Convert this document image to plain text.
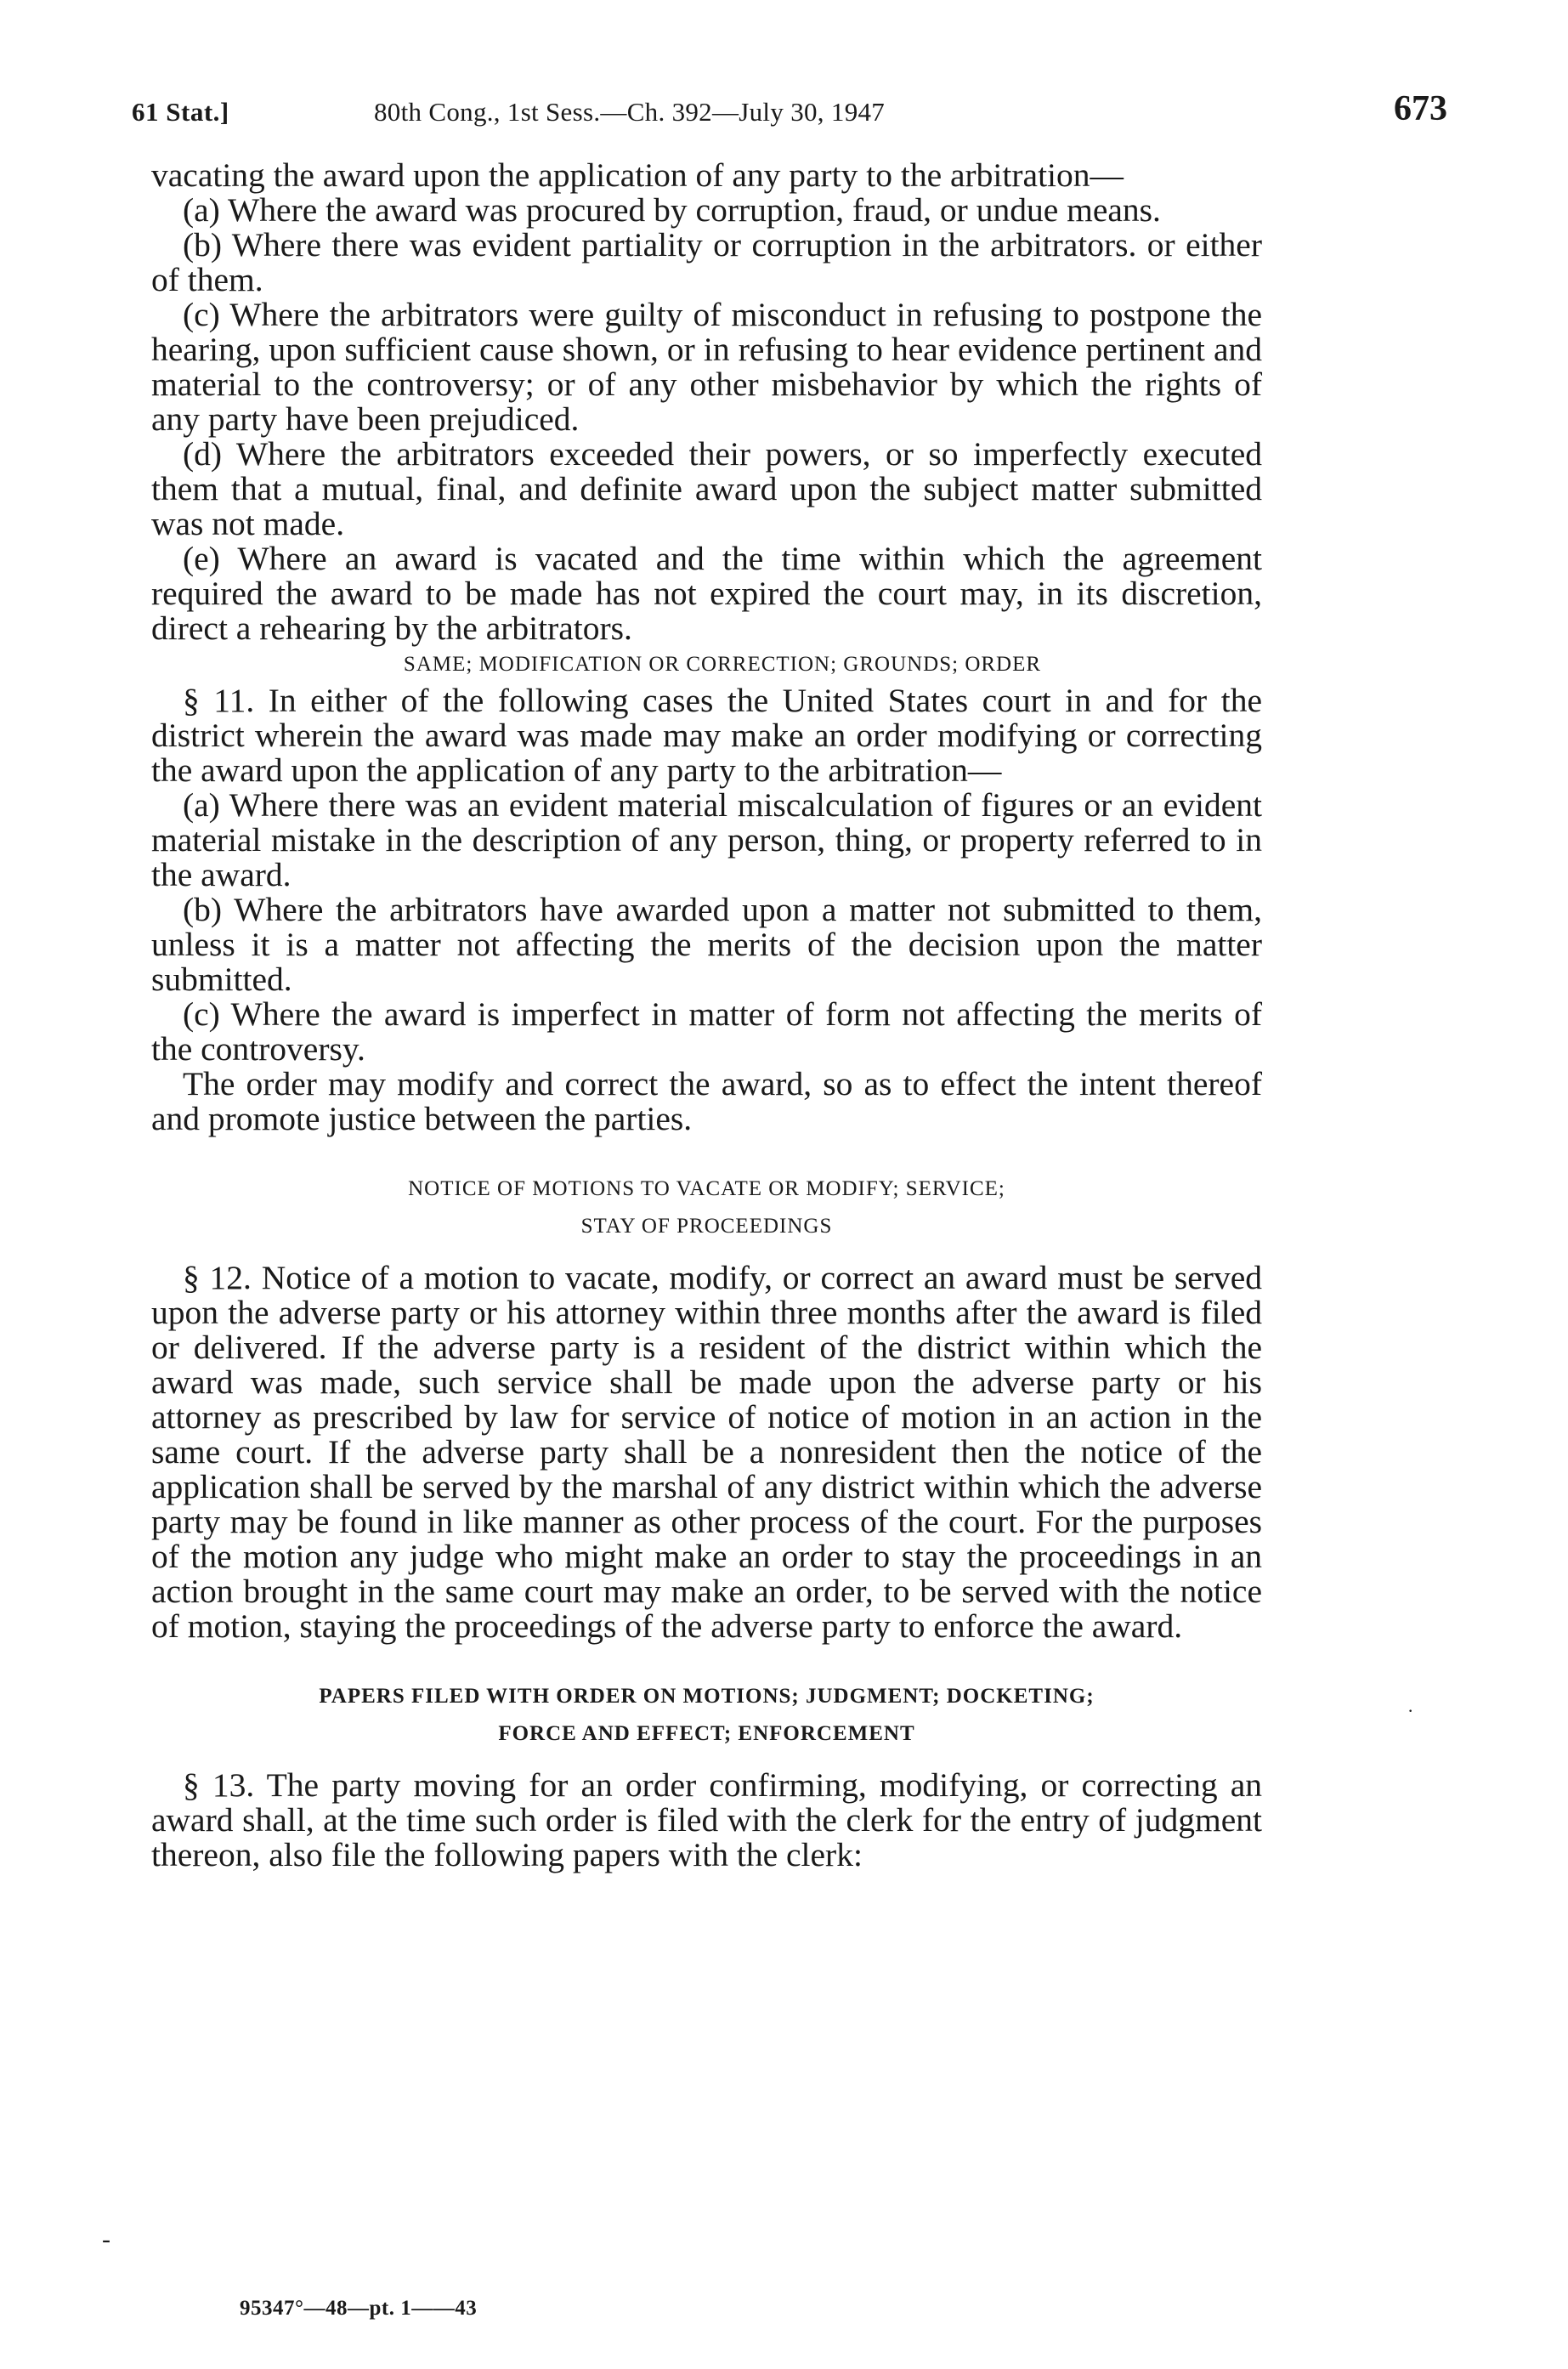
61 Stat.]	80th Cong., 1st Sess.—Ch. 392—July 30, 1947	673

vacating the award upon the application of any party to the arbitration—

(a) Where the award was procured by corruption, fraud, or undue means.

(b) Where there was evident partiality or corruption in the arbitrators. or either of them.

(c) Where the arbitrators were guilty of misconduct in refusing to postpone the hearing, upon sufficient cause shown, or in refusing to hear evidence pertinent and material to the controversy; or of any other misbehavior by which the rights of any party have been prejudiced.

(d) Where the arbitrators exceeded their powers, or so imperfectly executed them that a mutual, final, and definite award upon the subject matter submitted was not made.

(e) Where an award is vacated and the time within which the agreement required the award to be made has not expired the court may, in its discretion, direct a rehearing by the arbitrators.

SAME; MODIFICATION OR CORRECTION; GROUNDS; ORDER

§ 11. In either of the following cases the United States court in and for the district wherein the award was made may make an order modifying or correcting the award upon the application of any party to the arbitration—

(a) Where there was an evident material miscalculation of figures or an evident material mistake in the description of any person, thing, or property referred to in the award.

(b) Where the arbitrators have awarded upon a matter not submitted to them, unless it is a matter not affecting the merits of the decision upon the matter submitted.

(c) Where the award is imperfect in matter of form not affecting the merits of the controversy.

The order may modify and correct the award, so as to effect the intent thereof and promote justice between the parties.

NOTICE OF MOTIONS TO VACATE OR MODIFY; SERVICE;
STAY OF PROCEEDINGS

§ 12. Notice of a motion to vacate, modify, or correct an award must be served upon the adverse party or his attorney within three months after the award is filed or delivered. If the adverse party is a resident of the district within which the award was made, such service shall be made upon the adverse party or his attorney as prescribed by law for service of notice of motion in an action in the same court. If the adverse party shall be a nonresident then the notice of the application shall be served by the marshal of any district within which the adverse party may be found in like manner as other process of the court. For the purposes of the motion any judge who might make an order to stay the proceedings in an action brought in the same court may make an order, to be served with the notice of motion, staying the proceedings of the adverse party to enforce the award.

PAPERS FILED WITH ORDER ON MOTIONS; JUDGMENT; DOCKETING;
FORCE AND EFFECT; ENFORCEMENT

§ 13. The party moving for an order confirming, modifying, or correcting an award shall, at the time such order is filed with the clerk for the entry of judgment thereon, also file the following papers with the clerk:

-
·
95347°—48—pt. 1——43
